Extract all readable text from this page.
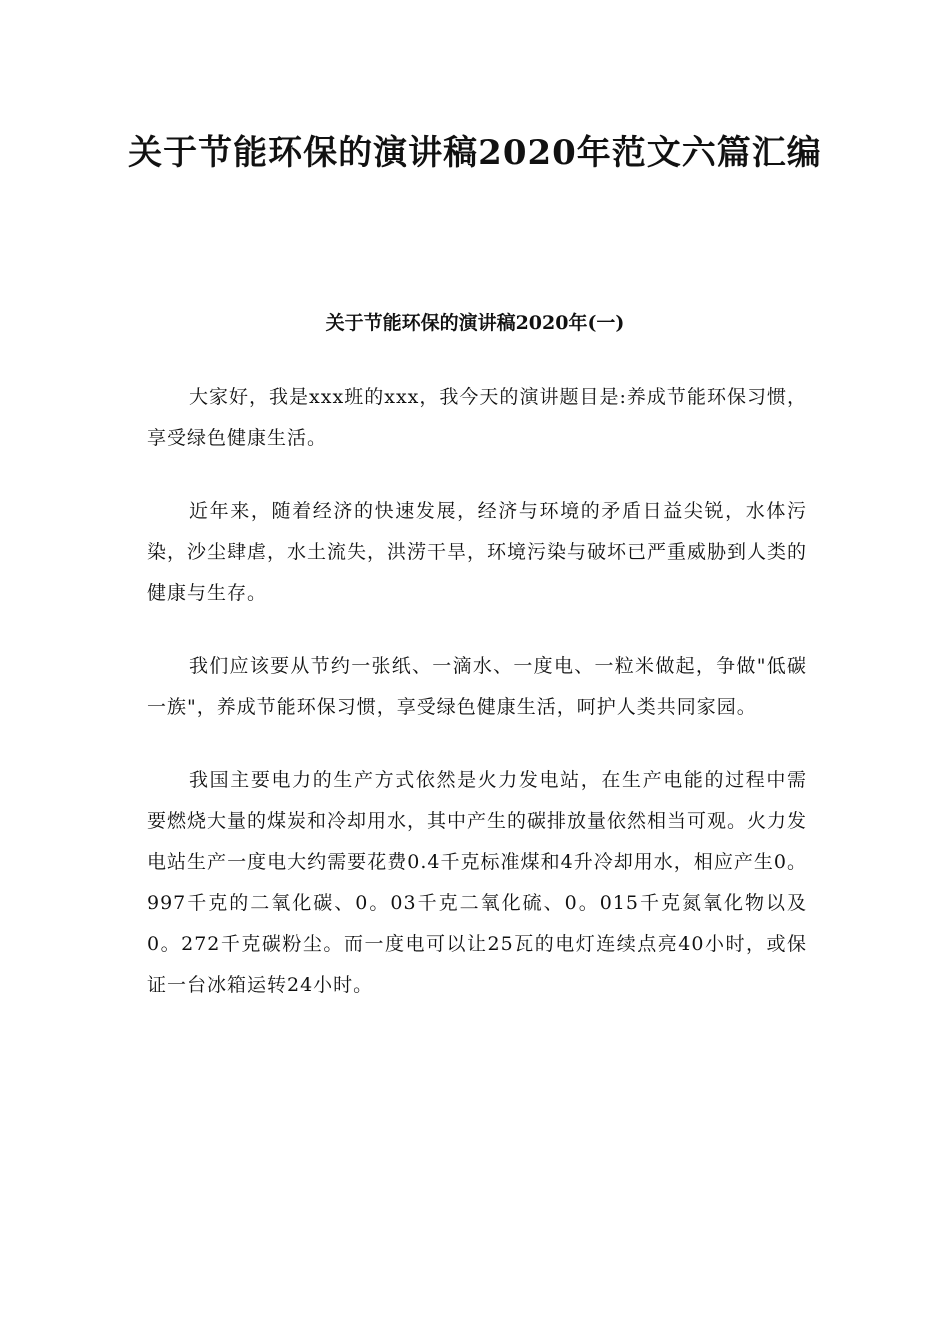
关于节能环保的演讲稿2020年范文六篇汇编
关于节能环保的演讲稿2020年(一)

大家好，我是xxx班的xxx，我今天的演讲题目是:养成节能环保习惯，享受绿色健康生活。

近年来，随着经济的快速发展，经济与环境的矛盾日益尖锐，水体污染，沙尘肆虐，水土流失，洪涝干旱，环境污染与破坏已严重威胁到人类的健康与生存。

我们应该要从节约一张纸、一滴水、一度电、一粒米做起，争做"低碳一族"，养成节能环保习惯，享受绿色健康生活，呵护人类共同家园。

我国主要电力的生产方式依然是火力发电站，在生产电能的过程中需要燃烧大量的煤炭和冷却用水，其中产生的碳排放量依然相当可观。火力发电站生产一度电大约需要花费0.4千克标准煤和4升冷却用水，相应产生0。997千克的二氧化碳、0。03千克二氧化硫、0。015千克氮氧化物以及0。272千克碳粉尘。而一度电可以让25瓦的电灯连续点亮40小时，或保证一台冰箱运转24小时。
